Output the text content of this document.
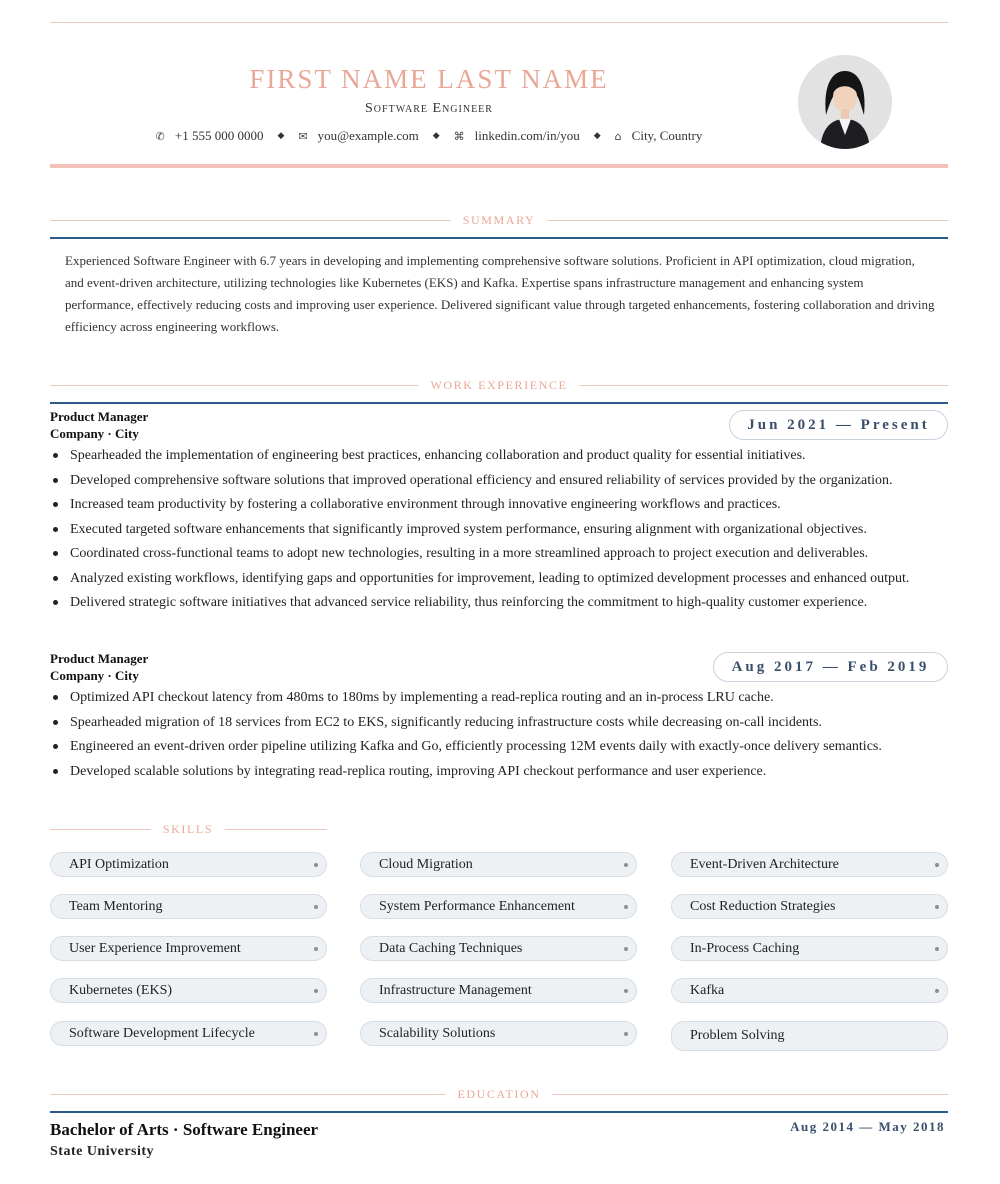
FIRST NAME LAST NAME
Software Engineer
✆ +1 555 000 0000 ◆ ✉ you@example.com ◆ ⌘ linkedin.com/in/you ◆ ⌂ City, Country
SUMMARY
Experienced Software Engineer with 6.7 years in developing and implementing comprehensive software solutions. Proficient in API optimization, cloud migration, and event-driven architecture, utilizing technologies like Kubernetes (EKS) and Kafka. Expertise spans infrastructure management and enhancing system performance, effectively reducing costs and improving user experience. Delivered significant value through targeted enhancements, fostering collaboration and driving efficiency across engineering workflows.
WORK EXPERIENCE
Product Manager
Company · City
Jun 2021 — Present
Spearheaded the implementation of engineering best practices, enhancing collaboration and product quality for essential initiatives.
Developed comprehensive software solutions that improved operational efficiency and ensured reliability of services provided by the organization.
Increased team productivity by fostering a collaborative environment through innovative engineering workflows and practices.
Executed targeted software enhancements that significantly improved system performance, ensuring alignment with organizational objectives.
Coordinated cross-functional teams to adopt new technologies, resulting in a more streamlined approach to project execution and deliverables.
Analyzed existing workflows, identifying gaps and opportunities for improvement, leading to optimized development processes and enhanced output.
Delivered strategic software initiatives that advanced service reliability, thus reinforcing the commitment to high-quality customer experience.
Product Manager
Company · City
Aug 2017 — Feb 2019
Optimized API checkout latency from 480ms to 180ms by implementing a read-replica routing and an in-process LRU cache.
Spearheaded migration of 18 services from EC2 to EKS, significantly reducing infrastructure costs while decreasing on-call incidents.
Engineered an event-driven order pipeline utilizing Kafka and Go, efficiently processing 12M events daily with exactly-once delivery semantics.
Developed scalable solutions by integrating read-replica routing, improving API checkout performance and user experience.
SKILLS
API Optimization	Cloud Migration	Event-Driven Architecture
Team Mentoring	System Performance Enhancement	Cost Reduction Strategies
User Experience Improvement	Data Caching Techniques	In-Process Caching
Kubernetes (EKS)	Infrastructure Management	Kafka
Software Development Lifecycle	Scalability Solutions	Problem Solving
EDUCATION
Bachelor of Arts · Software Engineer
State University
Aug 2014 — May 2018
